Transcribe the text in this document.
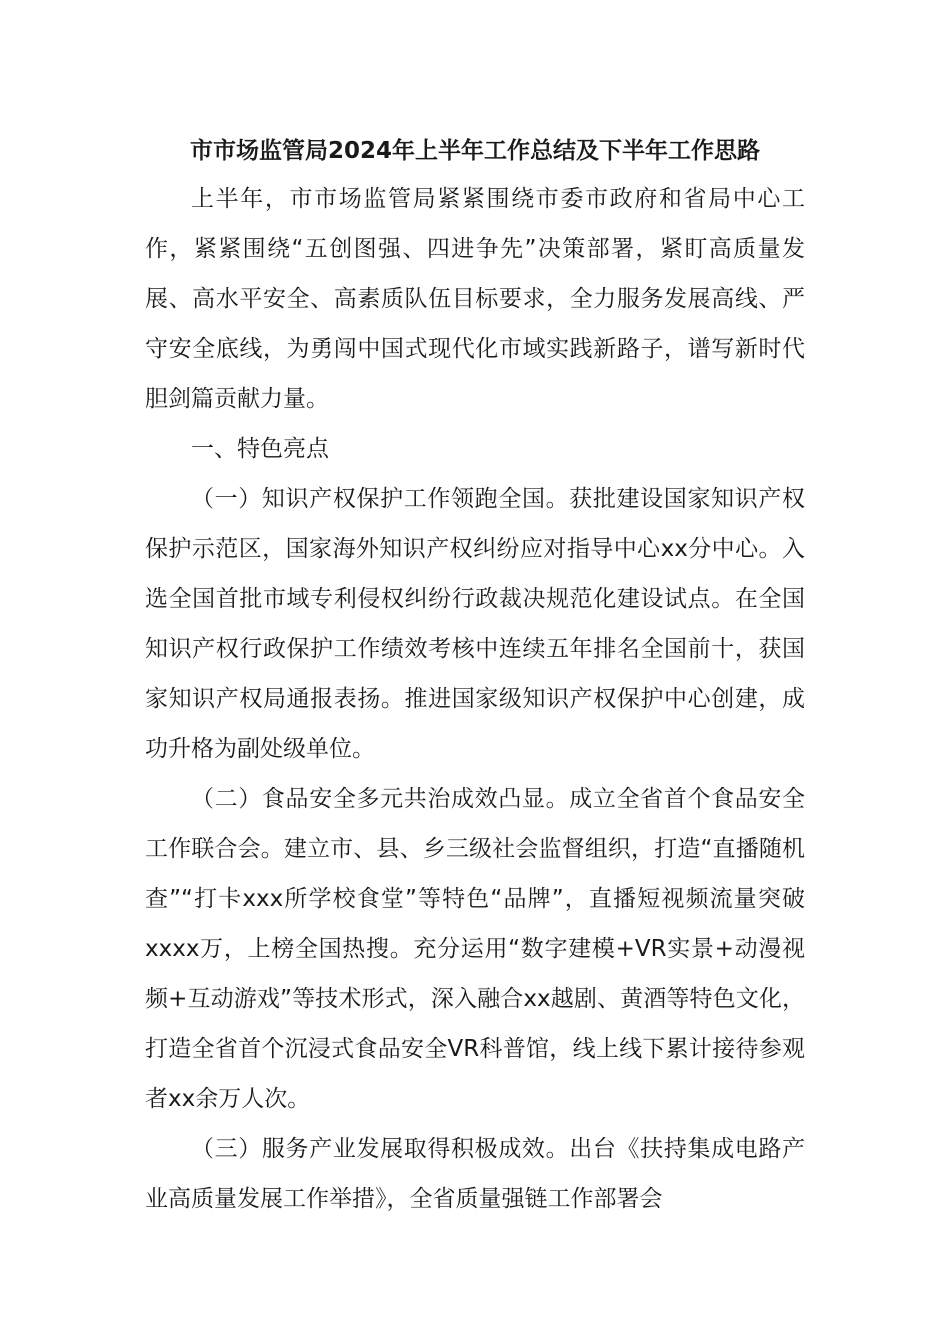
市市场监管局2024年上半年工作总结及下半年工作思路

上半年，市市场监管局紧紧围绕市委市政府和省局中心工作，紧紧围绕“五创图强、四进争先”决策部署，紧盯高质量发展、高水平安全、高素质队伍目标要求，全力服务发展高线、严守安全底线，为勇闯中国式现代化市域实践新路子，谱写新时代胆剑篇贡献力量。

一、特色亮点

（一）知识产权保护工作领跑全国。获批建设国家知识产权保护示范区，国家海外知识产权纠纷应对指导中心xx分中心。入选全国首批市域专利侵权纠纷行政裁决规范化建设试点。在全国知识产权行政保护工作绩效考核中连续五年排名全国前十，获国家知识产权局通报表扬。推进国家级知识产权保护中心创建，成功升格为副处级单位。

（二）食品安全多元共治成效凸显。成立全省首个食品安全工作联合会。建立市、县、乡三级社会监督组织，打造“直播随机查”“打卡xxx所学校食堂”等特色“品牌”，直播短视频流量突破xxxx万，上榜全国热搜。充分运用“数字建模+VR实景+动漫视频+互动游戏”等技术形式，深入融合xx越剧、黄酒等特色文化，打造全省首个沉浸式食品安全VR科普馆，线上线下累计接待参观者xx余万人次。

（三）服务产业发展取得积极成效。出台《扶持集成电路产业高质量发展工作举措》，全省质量强链工作部署会
